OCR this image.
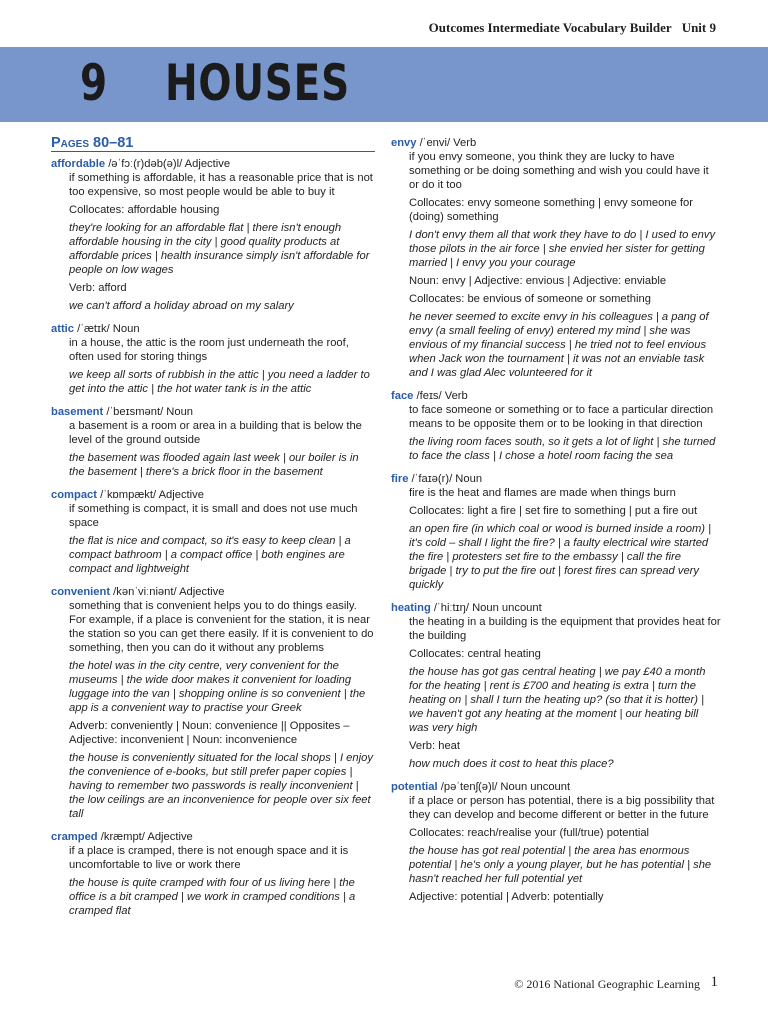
Outcomes Intermediate Vocabulary Builder Unit 9
9 HOUSES
Pages 80–81
affordable /əˈfɔː(r)dəb(ə)l/ Adjective

if something is affordable, it has a reasonable price that is not too expensive, so most people would be able to buy it

Collocates: affordable housing

they're looking for an affordable flat | there isn't enough affordable housing in the city | good quality products at affordable prices | health insurance simply isn't affordable for people on low wages

Verb: afford

we can't afford a holiday abroad on my salary

attic /ˈætɪk/ Noun

in a house, the attic is the room just underneath the roof, often used for storing things

we keep all sorts of rubbish in the attic | you need a ladder to get into the attic | the hot water tank is in the attic

basement /ˈbeɪsmənt/ Noun

a basement is a room or area in a building that is below the level of the ground outside

the basement was flooded again last week | our boiler is in the basement | there's a brick floor in the basement

compact /ˈkɒmpækt/ Adjective

if something is compact, it is small and does not use much space

the flat is nice and compact, so it's easy to keep clean | a compact bathroom | a compact office | both engines are compact and lightweight

convenient /kənˈviːniənt/ Adjective

something that is convenient helps you to do things easily. For example, if a place is convenient for the station, it is near the station so you can get there easily. If it is convenient to do something, then you can do it without any problems

the hotel was in the city centre, very convenient for the museums | the wide door makes it convenient for loading luggage into the van | shopping online is so convenient | the app is a convenient way to practise your Greek

Adverb: conveniently | Noun: convenience || Opposites – Adjective: inconvenient | Noun: inconvenience

the house is conveniently situated for the local shops | I enjoy the convenience of e-books, but still prefer paper copies | having to remember two passwords is really inconvenient | the low ceilings are an inconvenience for people over six feet tall

cramped /kræmpt/ Adjective

if a place is cramped, there is not enough space and it is uncomfortable to live or work there

the house is quite cramped with four of us living here | the office is a bit cramped | we work in cramped conditions | a cramped flat

envy /ˈenvi/ Verb

if you envy someone, you think they are lucky to have something or be doing something and wish you could have it or do it too

Collocates: envy someone something | envy someone for (doing) something

I don't envy them all that work they have to do | I used to envy those pilots in the air force | she envied her sister for getting married | I envy you your courage

Noun: envy | Adjective: envious | Adjective: enviable

Collocates: be envious of someone or something

he never seemed to excite envy in his colleagues | a pang of envy (a small feeling of envy) entered my mind | she was envious of my financial success | he tried not to feel envious when Jack won the tournament | it was not an enviable task and I was glad Alec volunteered for it

face /feɪs/ Verb

to face someone or something or to face a particular direction means to be opposite them or to be looking in that direction

the living room faces south, so it gets a lot of light | she turned to face the class | I chose a hotel room facing the sea

fire /ˈfaɪə(r)/ Noun

fire is the heat and flames are made when things burn

Collocates: light a fire | set fire to something | put a fire out

an open fire (in which coal or wood is burned inside a room) | it's cold – shall I light the fire? | a faulty electrical wire started the fire | protesters set fire to the embassy | call the fire brigade | try to put the fire out | forest fires can spread very quickly

heating /ˈhiːtɪŋ/ Noun uncount

the heating in a building is the equipment that provides heat for the building

Collocates: central heating

the house has got gas central heating | we pay £40 a month for the heating | rent is £700 and heating is extra | turn the heating on | shall I turn the heating up? (so that it is hotter) | we haven't got any heating at the moment | our heating bill was very high

Verb: heat

how much does it cost to heat this place?

potential /pəˈtenʃ(ə)l/ Noun uncount

if a place or person has potential, there is a big possibility that they can develop and become different or better in the future

Collocates: reach/realise your (full/true) potential

the house has got real potential | the area has enormous potential | he's only a young player, but he has potential | she hasn't reached her full potential yet

Adjective: potential | Adverb: potentially

© 2016 National Geographic Learning 1
